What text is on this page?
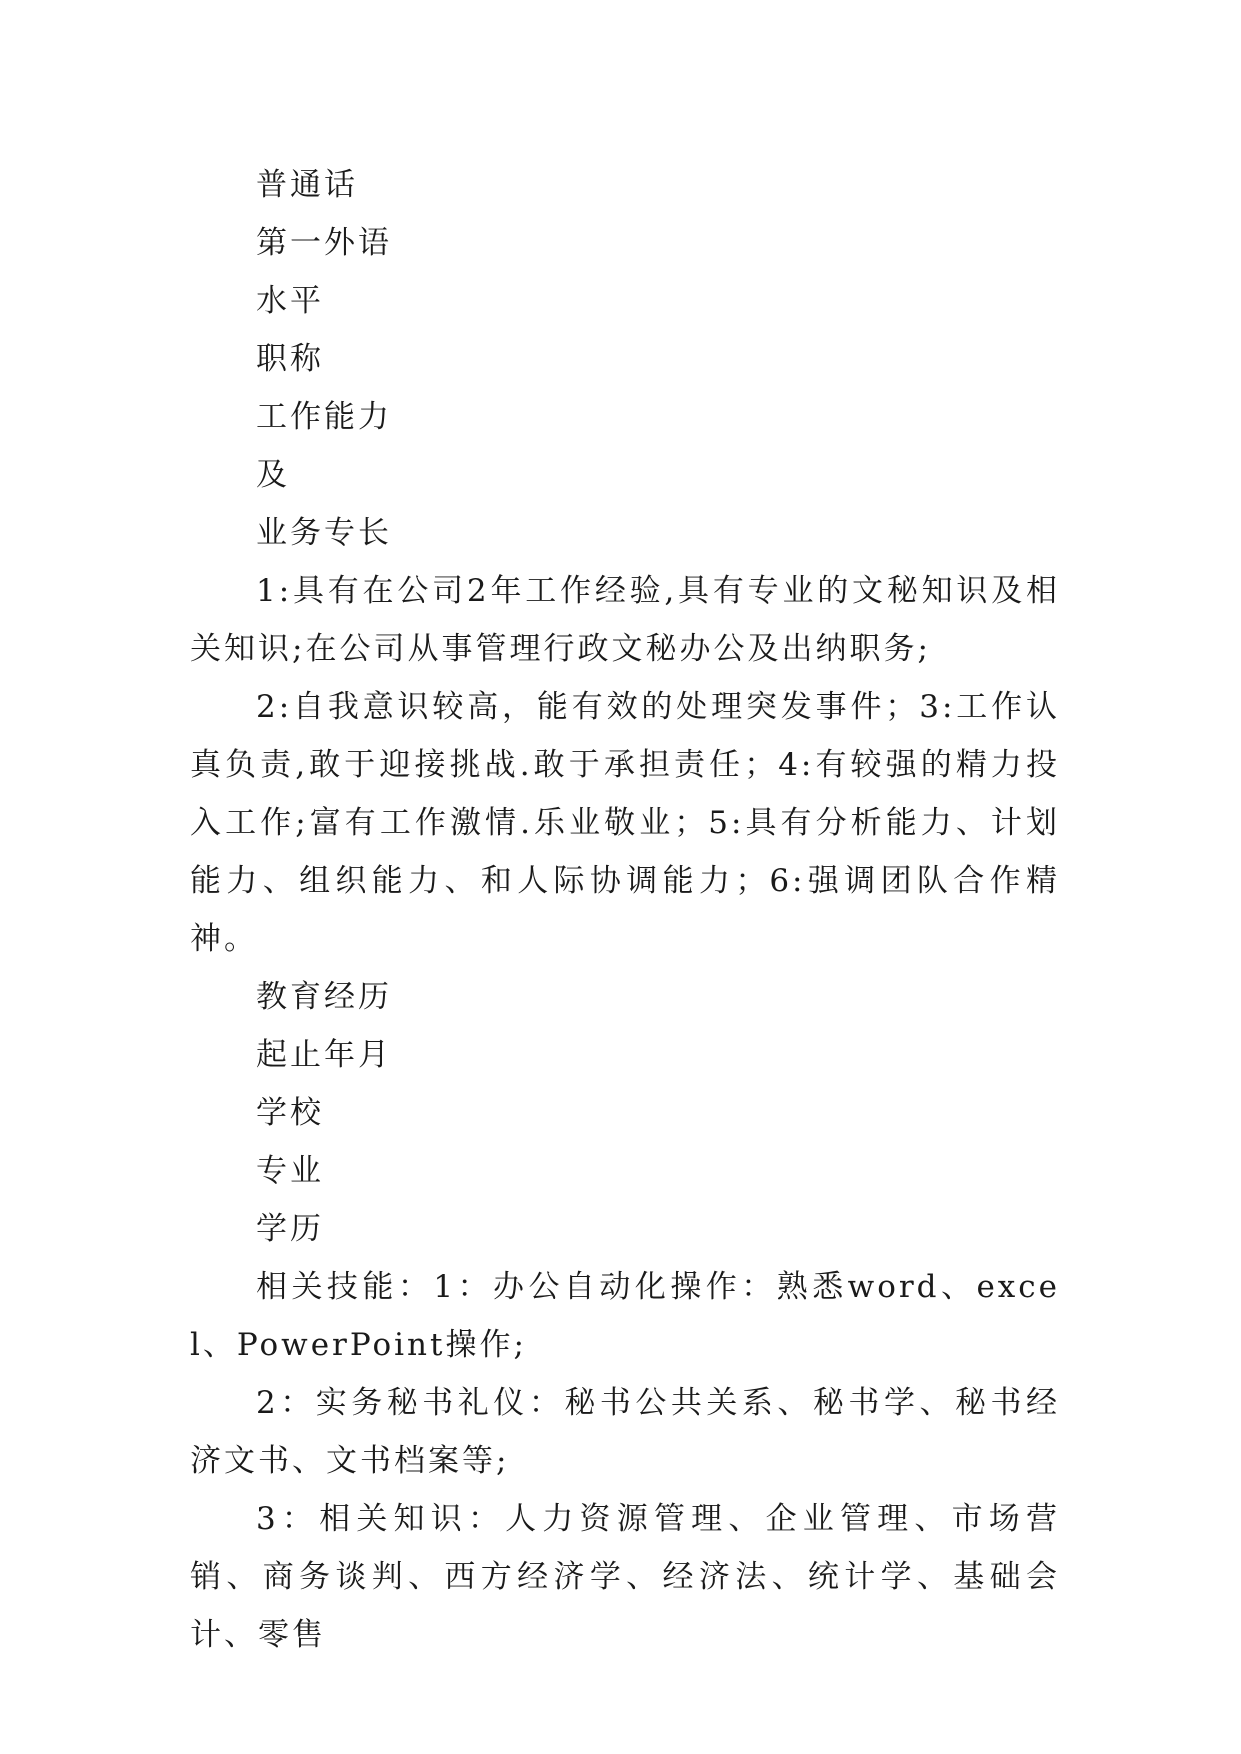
普通话

第一外语

水平

职称

工作能力

及

业务专长

1:具有在公司2年工作经验,具有专业的文秘知识及相关知识;在公司从事管理行政文秘办公及出纳职务;

2:自我意识较高，能有效的处理突发事件；3:工作认真负责,敢于迎接挑战.敢于承担责任；4:有较强的精力投入工作;富有工作激情.乐业敬业；5:具有分析能力、计划能力、组织能力、和人际协调能力；6:强调团队合作精神。

教育经历

起止年月

学校

专业

学历

相关技能：1：办公自动化操作：熟悉word、excel、PowerPoint操作;

2：实务秘书礼仪：秘书公共关系、秘书学、秘书经济文书、文书档案等;

3：相关知识：人力资源管理、企业管理、市场营销、商务谈判、西方经济学、经济法、统计学、基础会计、零售
